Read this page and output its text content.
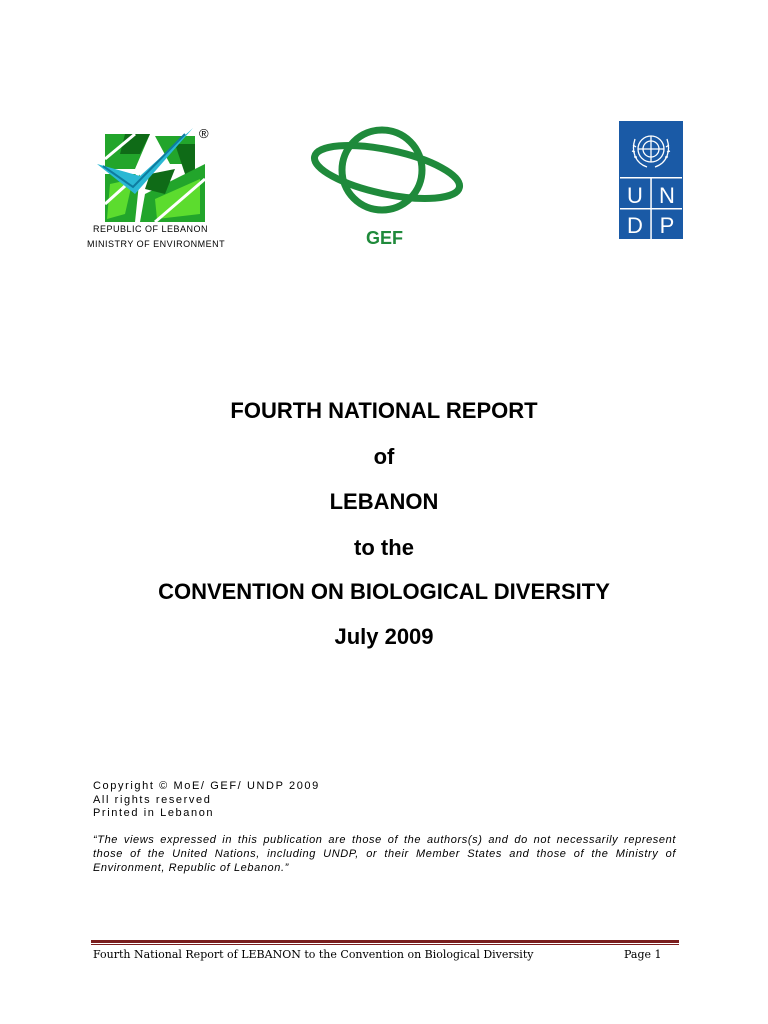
®
REPUBLIC OF LEBANON
MINISTRY OF ENVIRONMENT	GEF
U N
D P
FOURTH NATIONAL REPORT
of
LEBANON
to the
CONVENTION ON BIOLOGICAL DIVERSITY
July 2009
Copyright © MoE/ GEF/ UNDP 2009
All rights reserved
Printed in Lebanon
“The views expressed in this publication are those of the authors(s) and do not necessarily represent those of the United Nations, including UNDP, or their Member States and those of the Ministry of Environment, Republic of Lebanon.”
Fourth National Report of LEBANON to the Convention on Biological Diversity	Page 1
